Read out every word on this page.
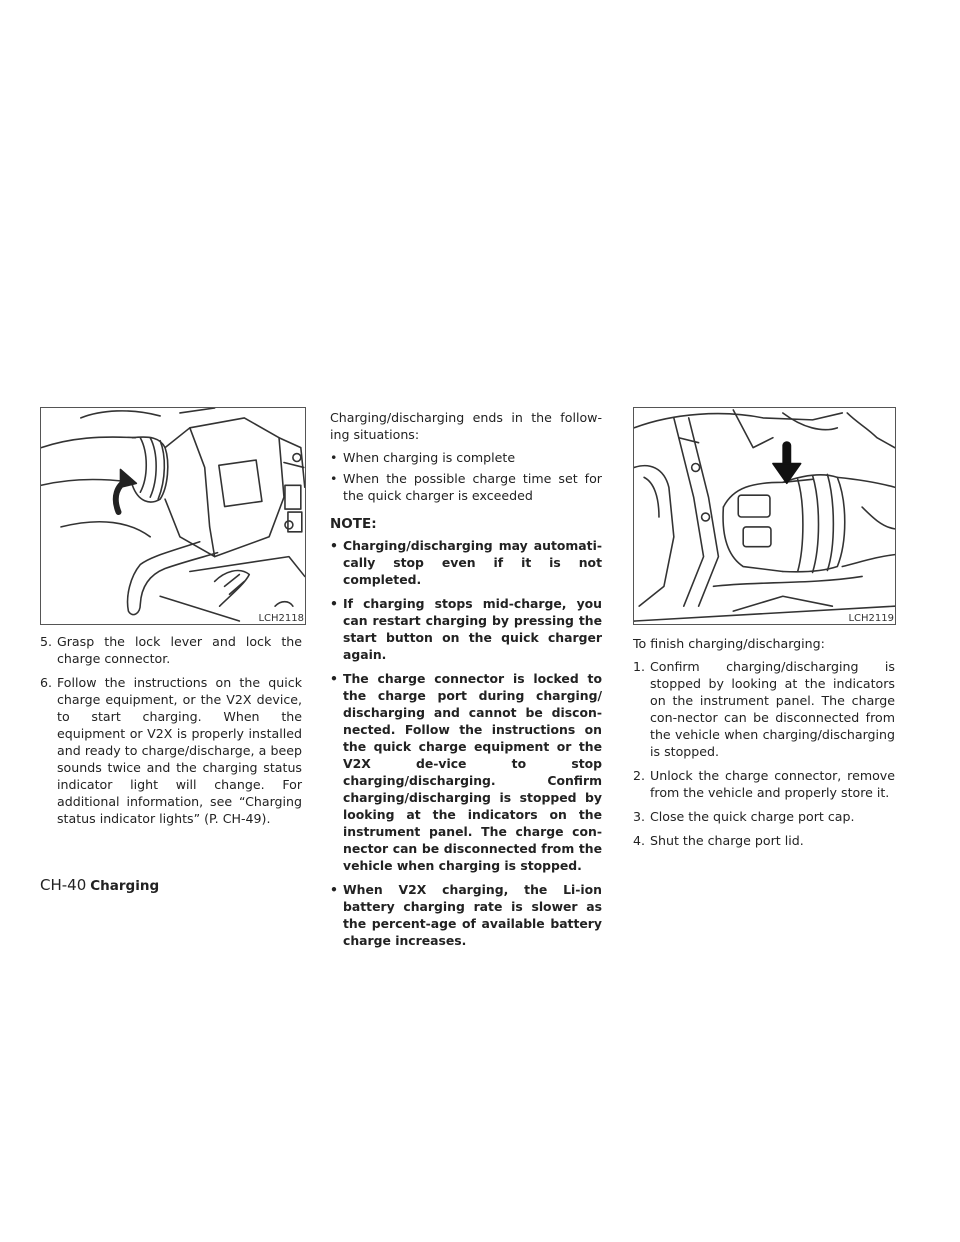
LCH2118

5. Grasp the lock lever and lock the charge connector.

6. Follow the instructions on the quick charge equipment, or the V2X device, to start charging. When the equipment or V2X is properly installed and ready to charge/discharge, a beep sounds twice and the charging status indicator light will change. For additional information, see “Charging status indicator lights” (P. CH-49).

Charging/discharging ends in the follow-ing situations:

• When charging is complete

• When the possible charge time set for the quick charger is exceeded

NOTE:

• Charging/discharging may automati-cally stop even if it is not completed.

• If charging stops mid-charge, you can restart charging by pressing the start button on the quick charger again.

• The charge connector is locked to the charge port during charging/ discharging and cannot be discon-nected. Follow the instructions on the quick charge equipment or the V2X de-vice to stop charging/discharging. Confirm charging/discharging is stopped by looking at the indicators on the instrument panel. The charge con-nector can be disconnected from the vehicle when charging is stopped.

• When V2X charging, the Li-ion battery charging rate is slower as the percent-age of available battery charge increases.

LCH2119

To finish charging/discharging:

1. Confirm charging/discharging is stopped by looking at the indicators on the instrument panel. The charge con-nector can be disconnected from the vehicle when charging/discharging is stopped.

2. Unlock the charge connector, remove from the vehicle and properly store it.

3. Close the quick charge port cap.

4. Shut the charge port lid.

CH-40 Charging
